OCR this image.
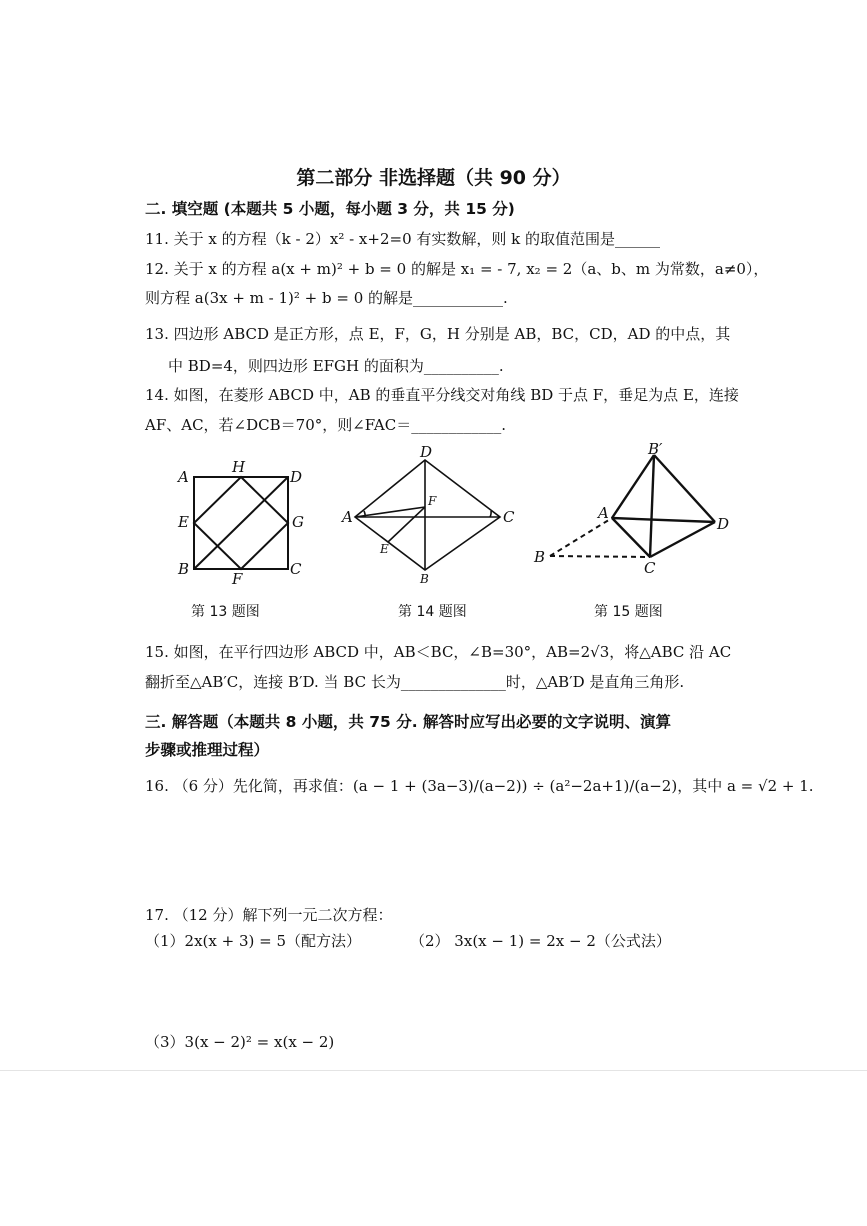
第二部分 非选择题（共 90 分）
二. 填空题 (本题共 5 小题，每小题 3 分，共 15 分)
11. 关于 x 的方程（k - 2）x² - x+2=0 有实数解，则 k 的取值范围是______
12. 关于 x 的方程 a(x + m)² + b = 0 的解是 x₁ = - 7, x₂ = 2（a、b、m 为常数，a≠0），
则方程 a(3x + m - 1)² + b = 0 的解是____________.
13. 四边形 ABCD 是正方形，点 E，F，G，H 分别是 AB，BC，CD，AD 的中点，其
中 BD=4，则四边形 EFGH 的面积为__________.
14. 如图，在菱形 ABCD 中，AB 的垂直平分线交对角线 BD 于点 F，垂足为点 E，连接
AF、AC，若∠DCB＝70°，则∠FAC＝____________.
A
H
D
E	G
B
F
C
第 13 题图
D
F
A	C
E
B
第 14 题图
B′
A
D
B
C
第 15 题图
15. 如图，在平行四边形 ABCD 中，AB＜BC，∠B=30°，AB=2√3，将△ABC 沿 AC
翻折至△AB′C，连接 B′D. 当 BC 长为______________时，△AB′D 是直角三角形.
三. 解答题（本题共 8 小题，共 75 分. 解答时应写出必要的文字说明、演算
步骤或推理过程）
16. （6 分）先化简，再求值：(a − 1 + (3a−3)/(a−2)) ÷ (a²−2a+1)/(a−2)，其中 a = √2 + 1.
17. （12 分）解下列一元二次方程：
（1）2x(x + 3) = 5（配方法）	（2） 3x(x − 1) = 2x − 2（公式法）
（3）3(x − 2)² = x(x − 2)
